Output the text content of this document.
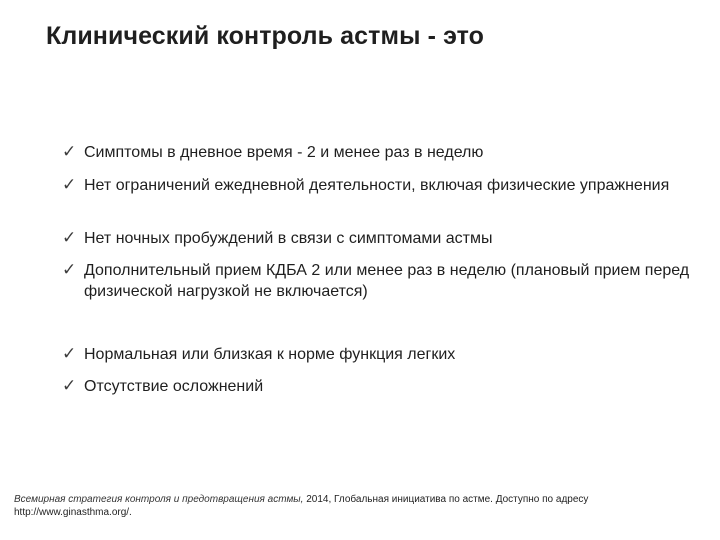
Клинический контроль астмы - это
✓ Симптомы в дневное время - 2 и менее раз в неделю
✓ Нет ограничений ежедневной деятельности, включая физические упражнения
✓ Нет ночных пробуждений в связи с симптомами астмы
✓ Дополнительный прием КДБА 2 или менее раз в неделю (плановый прием перед физической нагрузкой не включается)
✓ Нормальная или близкая к норме функция легких
✓ Отсутствие осложнений
Всемирная стратегия контроля и предотвращения астмы, 2014, Глобальная инициатива по астме. Доступно по адресу http://www.ginasthma.org/.
